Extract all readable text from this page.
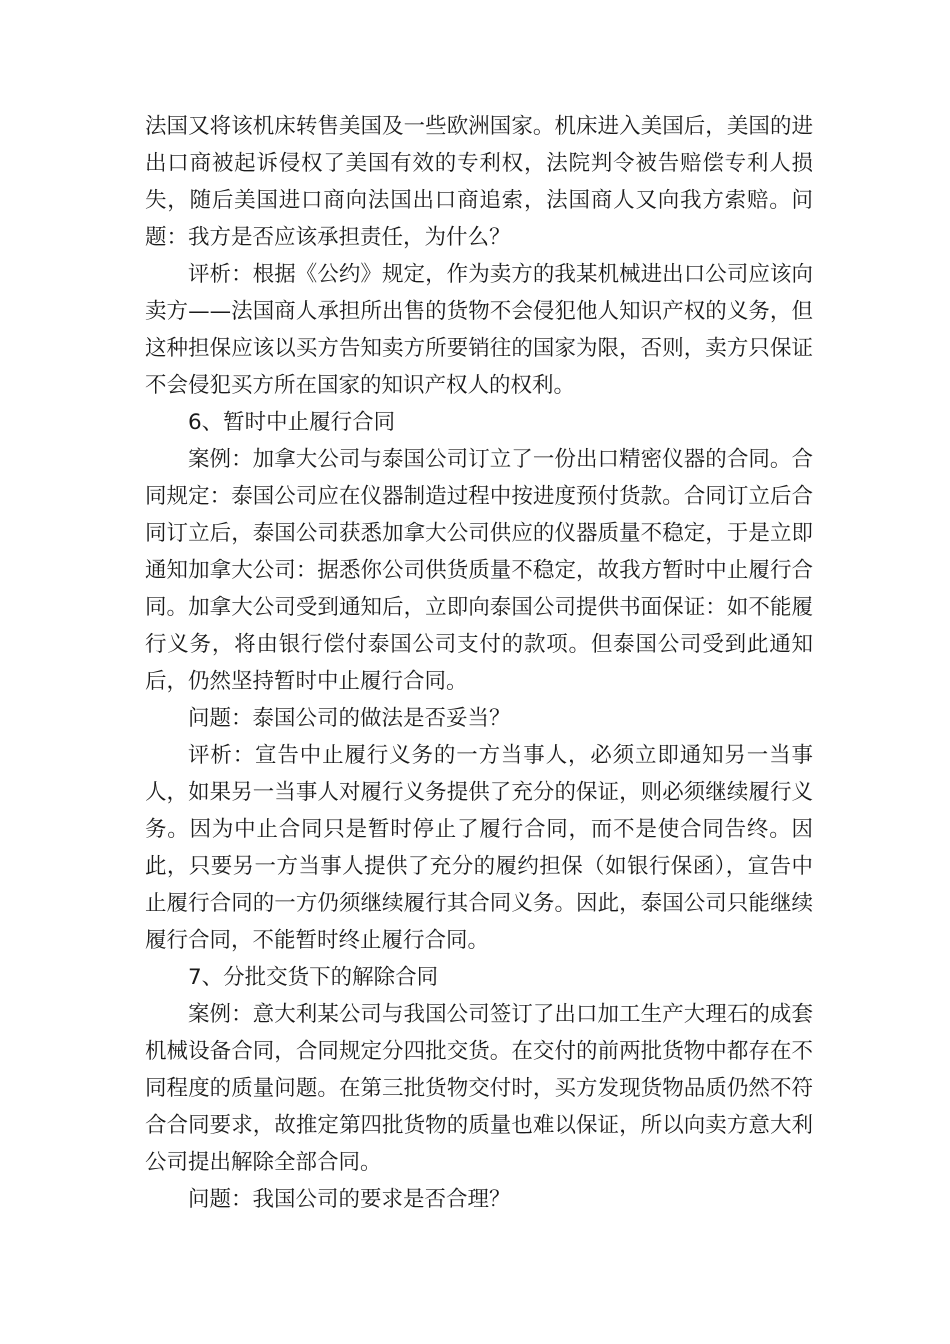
法国又将该机床转售美国及一些欧洲国家。机床进入美国后，美国的进出口商被起诉侵权了美国有效的专利权，法院判令被告赔偿专利人损失，随后美国进口商向法国出口商追索，法国商人又向我方索赔。问题：我方是否应该承担责任，为什么？

评析：根据《公约》规定，作为卖方的我某机械进出口公司应该向卖方——法国商人承担所出售的货物不会侵犯他人知识产权的义务，但这种担保应该以买方告知卖方所要销往的国家为限，否则，卖方只保证不会侵犯买方所在国家的知识产权人的权利。

6、暂时中止履行合同

案例：加拿大公司与泰国公司订立了一份出口精密仪器的合同。合同规定：泰国公司应在仪器制造过程中按进度预付货款。合同订立后合同订立后，泰国公司获悉加拿大公司供应的仪器质量不稳定，于是立即通知加拿大公司：据悉你公司供货质量不稳定，故我方暂时中止履行合同。加拿大公司受到通知后，立即向泰国公司提供书面保证：如不能履行义务，将由银行偿付泰国公司支付的款项。但泰国公司受到此通知后，仍然坚持暂时中止履行合同。

问题：泰国公司的做法是否妥当？

评析：宣告中止履行义务的一方当事人，必须立即通知另一当事人，如果另一当事人对履行义务提供了充分的保证，则必须继续履行义务。因为中止合同只是暂时停止了履行合同，而不是使合同告终。因此，只要另一方当事人提供了充分的履约担保（如银行保函），宣告中止履行合同的一方仍须继续履行其合同义务。因此，泰国公司只能继续履行合同，不能暂时终止履行合同。

7、分批交货下的解除合同

案例：意大利某公司与我国公司签订了出口加工生产大理石的成套机械设备合同，合同规定分四批交货。在交付的前两批货物中都存在不同程度的质量问题。在第三批货物交付时，买方发现货物品质仍然不符合合同要求，故推定第四批货物的质量也难以保证，所以向卖方意大利公司提出解除全部合同。

问题：我国公司的要求是否合理？
